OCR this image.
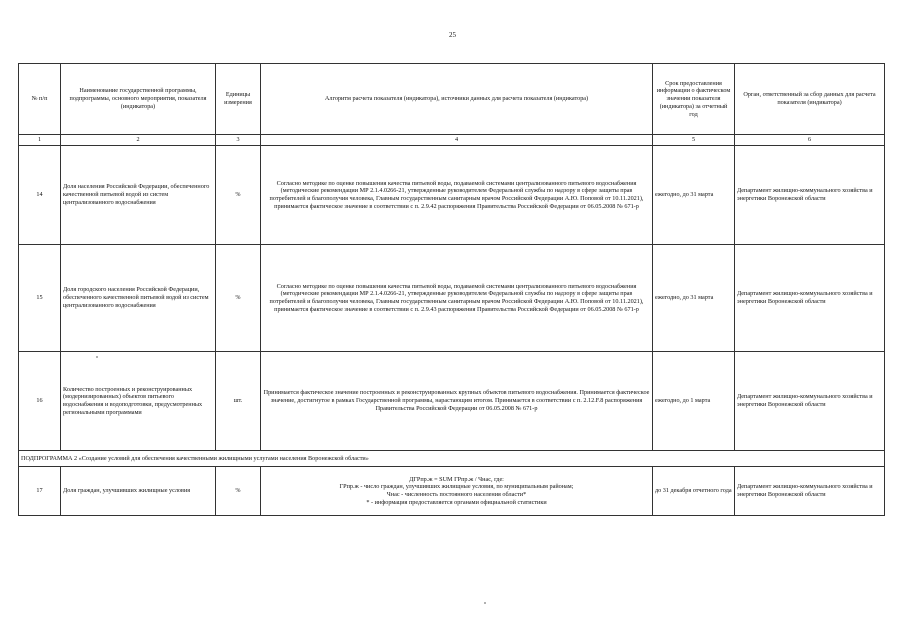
25
№ п/п	Наименование государственной программы, подпрограммы, основного мероприятия, показателя (индикатора)	Единицы измерения	Алгоритм расчета показателя (индикатора), источники данных для расчета показателя (индикатора)	Срок предоставления информации о фактическом значении показателя (индикатора) за отчетный год	Орган, ответственный за сбор данных для расчета показателя (индикатора)
1	2	3	4	5	6
14	Доля населения Российской Федерации, обеспеченного качественной питьевой водой из систем централизованного водоснабжения	%	Согласно методике по оценке повышения качества питьевой воды, подаваемой системами централизованного питьевого водоснабжения (методические рекомендации МР 2.1.4.0266-21, утвержденные руководителем Федеральной службы по надзору в сфере защиты прав потребителей и благополучия человека, Главным государственным санитарным врачом Российской Федерации А.Ю. Поповой от 10.11.2021), принимается фактическое значение в соответствии с п. 2.9.42 распоряжения Правительства Российской Федерации от 06.05.2008 № 671-р	ежегодно, до 31 марта	Департамент жилищно-коммунального хозяйства и энергетики Воронежской области
15	Доля городского населения Российской Федерации, обеспеченного качественной питьевой водой из систем централизованного водоснабжения	%	Согласно методике по оценке повышения качества питьевой воды, подаваемой системами централизованного питьевого водоснабжения (методические рекомендации МР 2.1.4.0266-21, утвержденные руководителем Федеральной службы по надзору в сфере защиты прав потребителей и благополучия человека, Главным государственным санитарным врачом Российской Федерации А.Ю. Поповой от 10.11.2021), принимается фактическое значение в соответствии с п. 2.9.43 распоряжения Правительства Российской Федерации от 06.05.2008 № 671-р	ежегодно, до 31 марта	Департамент жилищно-коммунального хозяйства и энергетики Воронежской области
16	Количество построенных и реконструированных (модернизированных) объектов питьевого водоснабжения и водоподготовки, предусмотренных региональными программами	шт.	Принимается фактическое значение построенных и реконструированных крупных объектов питьевого водоснабжения. Принимается фактическое значение, достигнутое в рамках Государственной программы, нарастающим итогом. Принимается в соответствии с п. 2.12.F.8 распоряжения Правительства Российской Федерации от 06.05.2008 № 671-р	ежегодно, до 1 марта	Департамент жилищно-коммунального хозяйства и энергетики Воронежской области
ПОДПРОГРАММА 2 «Создание условий для обеспечения качественными жилищными услугами населения Воронежской области»					
17	Доля граждан, улучшивших жилищные условия	%	ДГРпр.ж = SUM ГРпр.ж / Чнас, где:
ГРпр.ж - число граждан, улучшивших жилищные условия, по муниципальным районам;
Чнас - численность постоянного населения области*
* - информация предоставляется органами официальной статистики	до 31 декабря отчетного года	Департамент жилищно-коммунального хозяйства и энергетики Воронежской области
